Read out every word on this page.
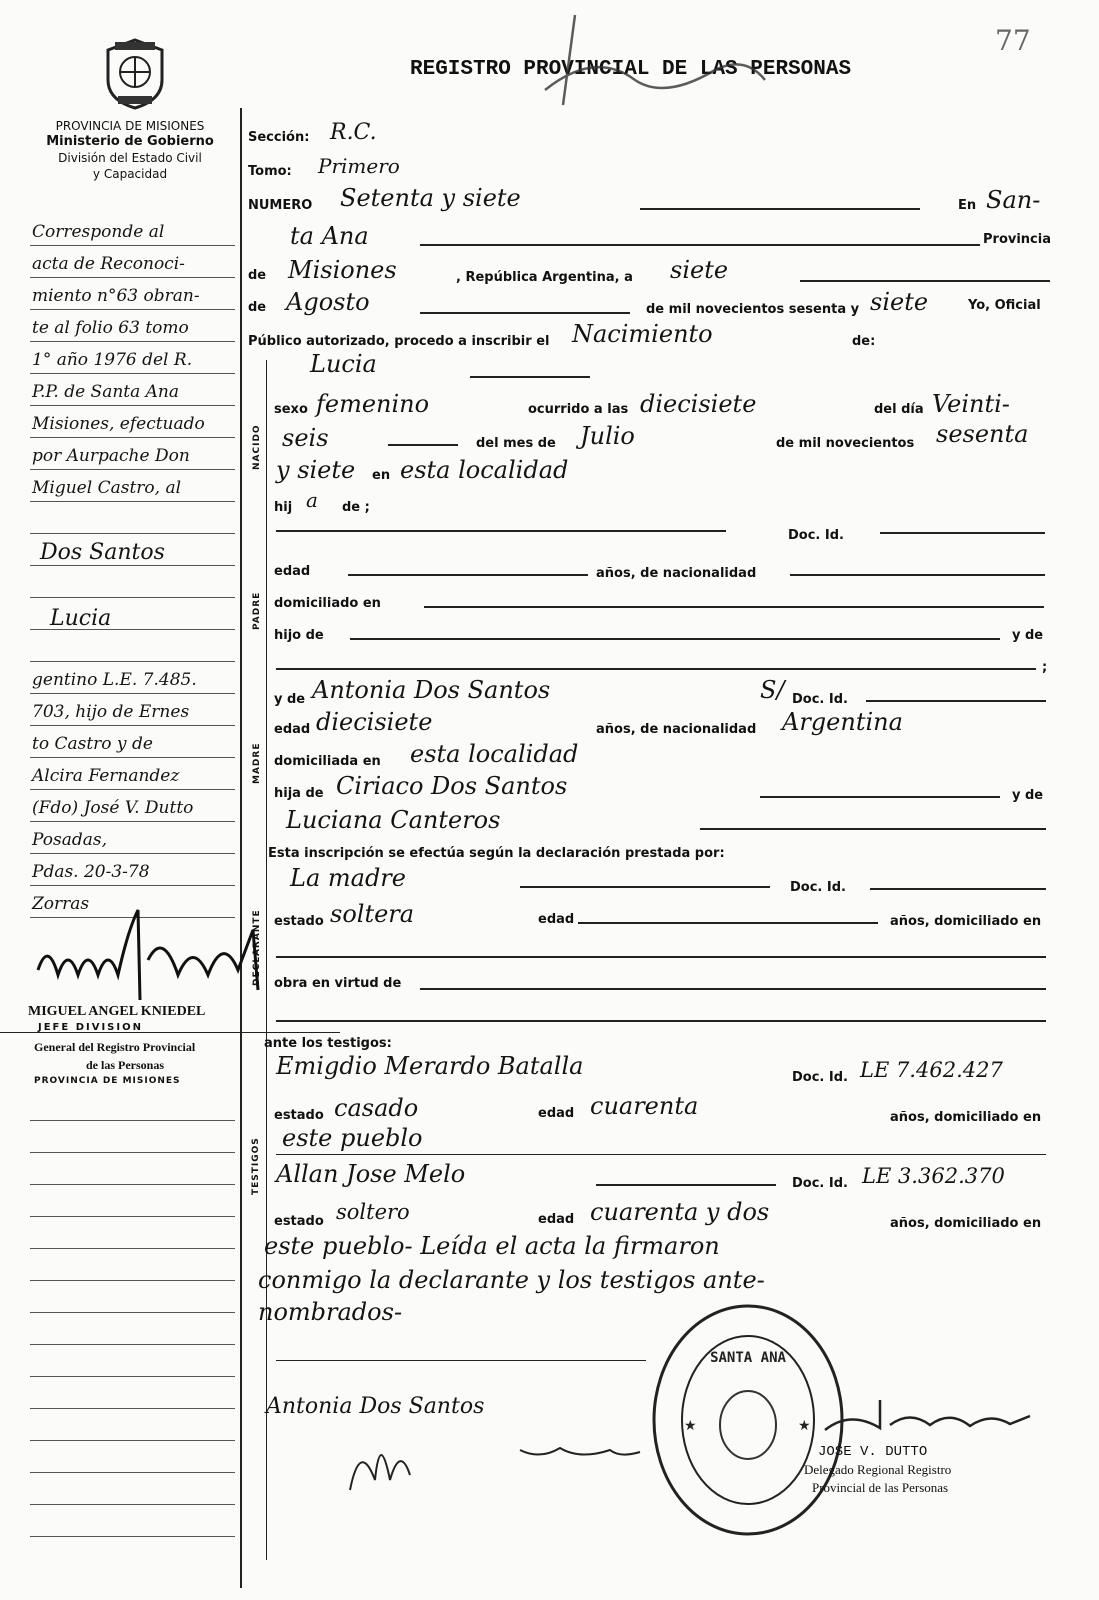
PROVINCIA DE MISIONES
Ministerio de Gobierno
División del Estado Civil
y Capacidad
REGISTRO PROVINCIAL DE LAS PERSONAS
77
Corresponde al
acta de Reconoci-
miento n°63 obran-
te al folio 63 tomo
1° año 1976 del R.
P.P. de Santa Ana
Misiones, efectuado
por Aurpache Don
Miguel Castro, al
Dos Santos
Lucia
gentino L.E. 7.485.
703, hijo de Ernes
to Castro y de
Alcira Fernandez
(Fdo) José V. Dutto
Posadas,
Pdas. 20-3-78
Zorras
MIGUEL ANGEL KNIEDEL
JEFE DIVISION
General del Registro Provincial
de las Personas
PROVINCIA DE MISIONES
Sección: R.C.
Tomo: Primero
NUMERO Setenta y siete	En San-
ta Ana	Provincia
de Misiones	, República Argentina, a siete
de Agosto	de mil novecientos sesenta y siete	Yo, Oficial
Público autorizado, procedo a inscribir el Nacimiento	de:
Lucia
NACIDO
sexo femenino	ocurrido a las diecisiete	del día Veinti-
seis	del mes de Julio	de mil novecientos sesenta
y siete en esta localidad
hij a de ;
PADRE
Doc. Id.
edad	años, de nacionalidad
domiciliado en
hijo de	y de
;
MADRE
y de Antonia Dos Santos	S/ Doc. Id.
edad diecisiete	años, de nacionalidad Argentina
domiciliada en esta localidad
hija de Ciriaco Dos Santos	y de
Luciana Canteros
Esta inscripción se efectúa según la declaración prestada por:
DECLARANTE
La madre	Doc. Id.
estado soltera	edad	años, domiciliado en
obra en virtud de
ante los testigos:
TESTIGOS
Emigdio Merardo Batalla	Doc. Id. LE 7.462.427
estado casado	edad cuarenta	años, domiciliado en
este pueblo
Allan Jose Melo	Doc. Id. LE 3.362.370
estado soltero	edad cuarenta y dos	años, domiciliado en
este pueblo- Leída el acta la firmaron
conmigo la declarante y los testigos ante-
nombrados-
Antonia Dos Santos
SANTA ANA
★	★
JOSE V. DUTTO
Delegado Regional Registro
Provincial de las Personas
